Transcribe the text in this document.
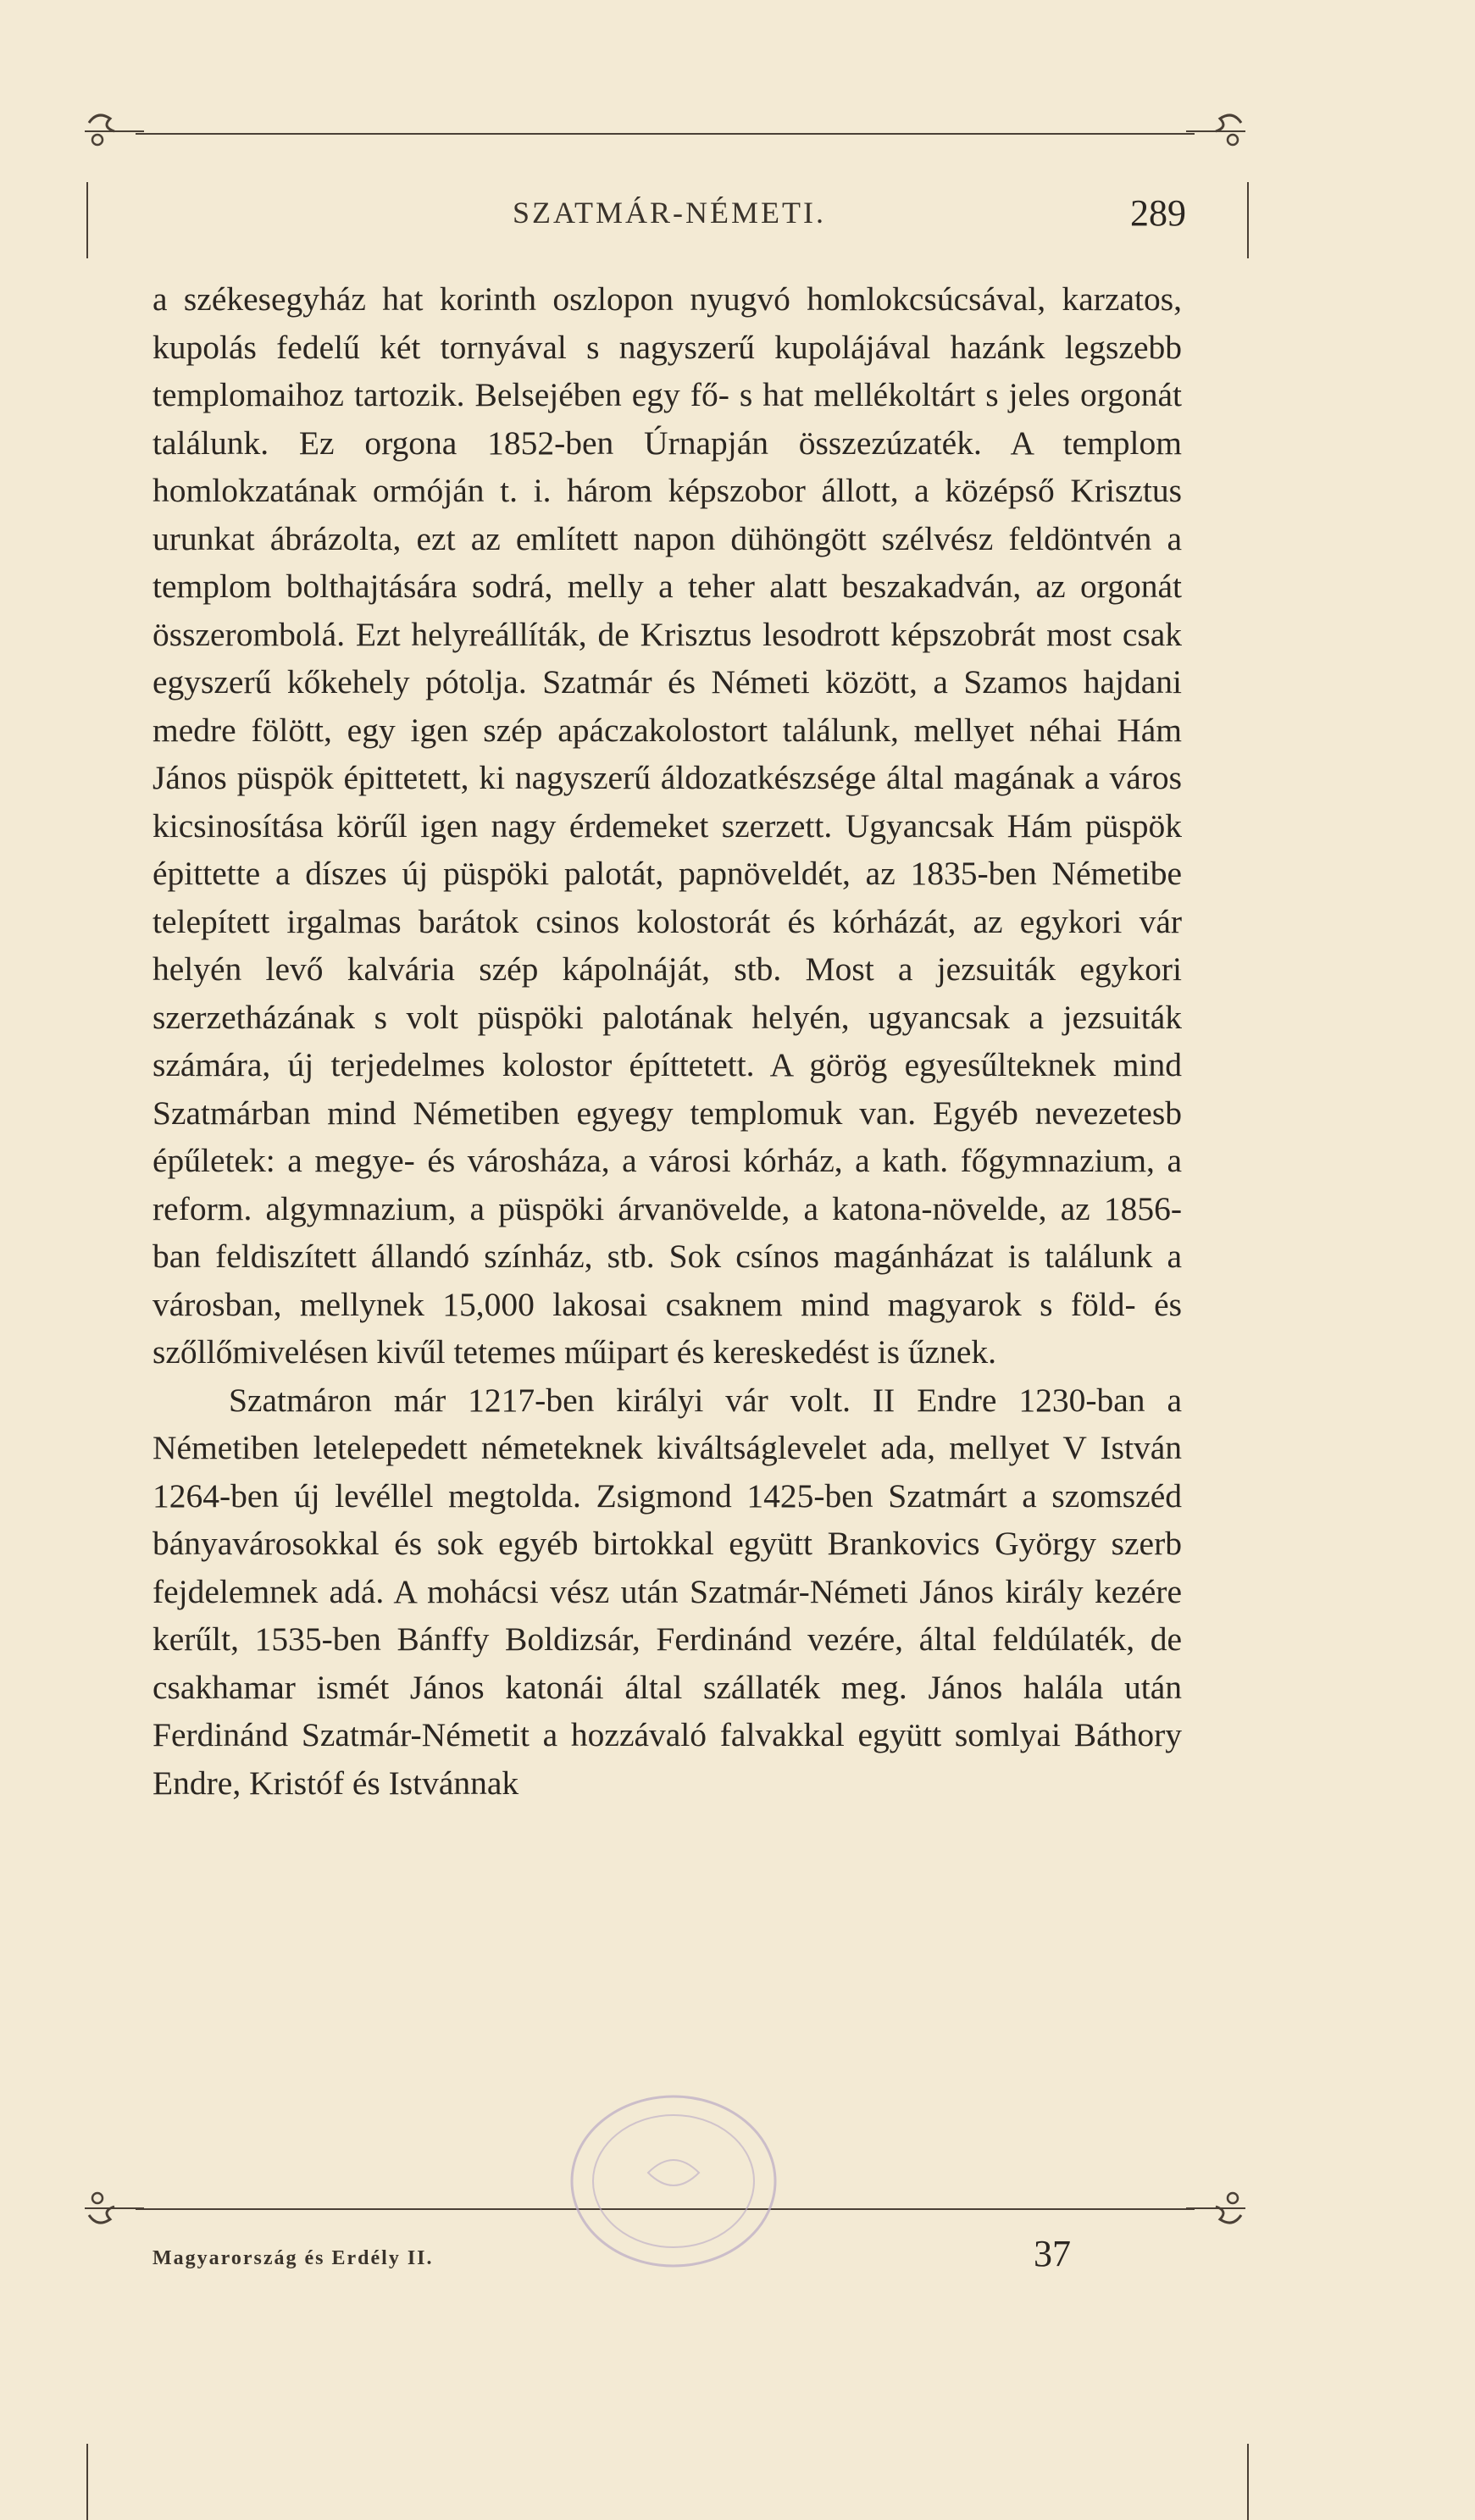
SZATMÁR-NÉMETI.	289

a székesegyház hat korinth oszlopon nyugvó homlokcsúcsával, karzatos, kupolás fedelű két tornyával s nagyszerű kupolájával hazánk legszebb templomaihoz tartozik. Belsejében egy fő- s hat mellékoltárt s jeles orgonát találunk. Ez orgona 1852-ben Úrnapján összezúzaték. A templom homlokzatának ormóján t. i. három képszobor állott, a középső Krisztus urunkat ábrázolta, ezt az említett napon dühöngött szélvész feldöntvén a templom bolthajtására sodrá, melly a teher alatt beszakadván, az orgonát összerombolá. Ezt helyreállíták, de Krisztus lesodrott képszobrát most csak egyszerű kőkehely pótolja. Szatmár és Németi között, a Szamos hajdani medre fölött, egy igen szép apáczakolostort találunk, mellyet néhai Hám János püspök épittetett, ki nagyszerű áldozatkészsége által magának a város kicsinosítása körűl igen nagy érdemeket szerzett. Ugyancsak Hám püspök épittette a díszes új püspöki palotát, papnöveldét, az 1835-ben Németibe telepített irgalmas barátok csinos kolostorát és kórházát, az egykori vár helyén levő kalvária szép kápolnáját, stb. Most a jezsuiták egykori szerzetházának s volt püspöki palotának helyén, ugyancsak a jezsuiták számára, új terjedelmes kolostor építtetett. A görög egyesűlteknek mind Szatmárban mind Németiben egyegy templomuk van. Egyéb nevezetesb épűletek: a megye- és városháza, a városi kórház, a kath. főgymnazium, a reform. algymnazium, a püspöki árvanövelde, a katona-növelde, az 1856-ban feldiszített állandó színház, stb. Sok csínos magánházat is találunk a városban, mellynek 15,000 lakosai csaknem mind magyarok s föld- és szőllőmivelésen kivűl tetemes műipart és kereskedést is űznek.

Szatmáron már 1217-ben királyi vár volt. II Endre 1230-ban a Németiben letelepedett németeknek kiváltságlevelet ada, mellyet V István 1264-ben új levéllel megtolda. Zsigmond 1425-ben Szatmárt a szomszéd bányavárosokkal és sok egyéb birtokkal együtt Brankovics György szerb fejdelemnek adá. A mohácsi vész után Szatmár-Németi János király kezére kerűlt, 1535-ben Bánffy Boldizsár, Ferdinánd vezére, által feldúlaték, de csakhamar ismét János katonái által szállaték meg. János halála után Ferdinánd Szatmár-Németit a hozzávaló falvakkal együtt somlyai Báthory Endre, Kristóf és Istvánnak

Magyarország és Erdély II.	37
